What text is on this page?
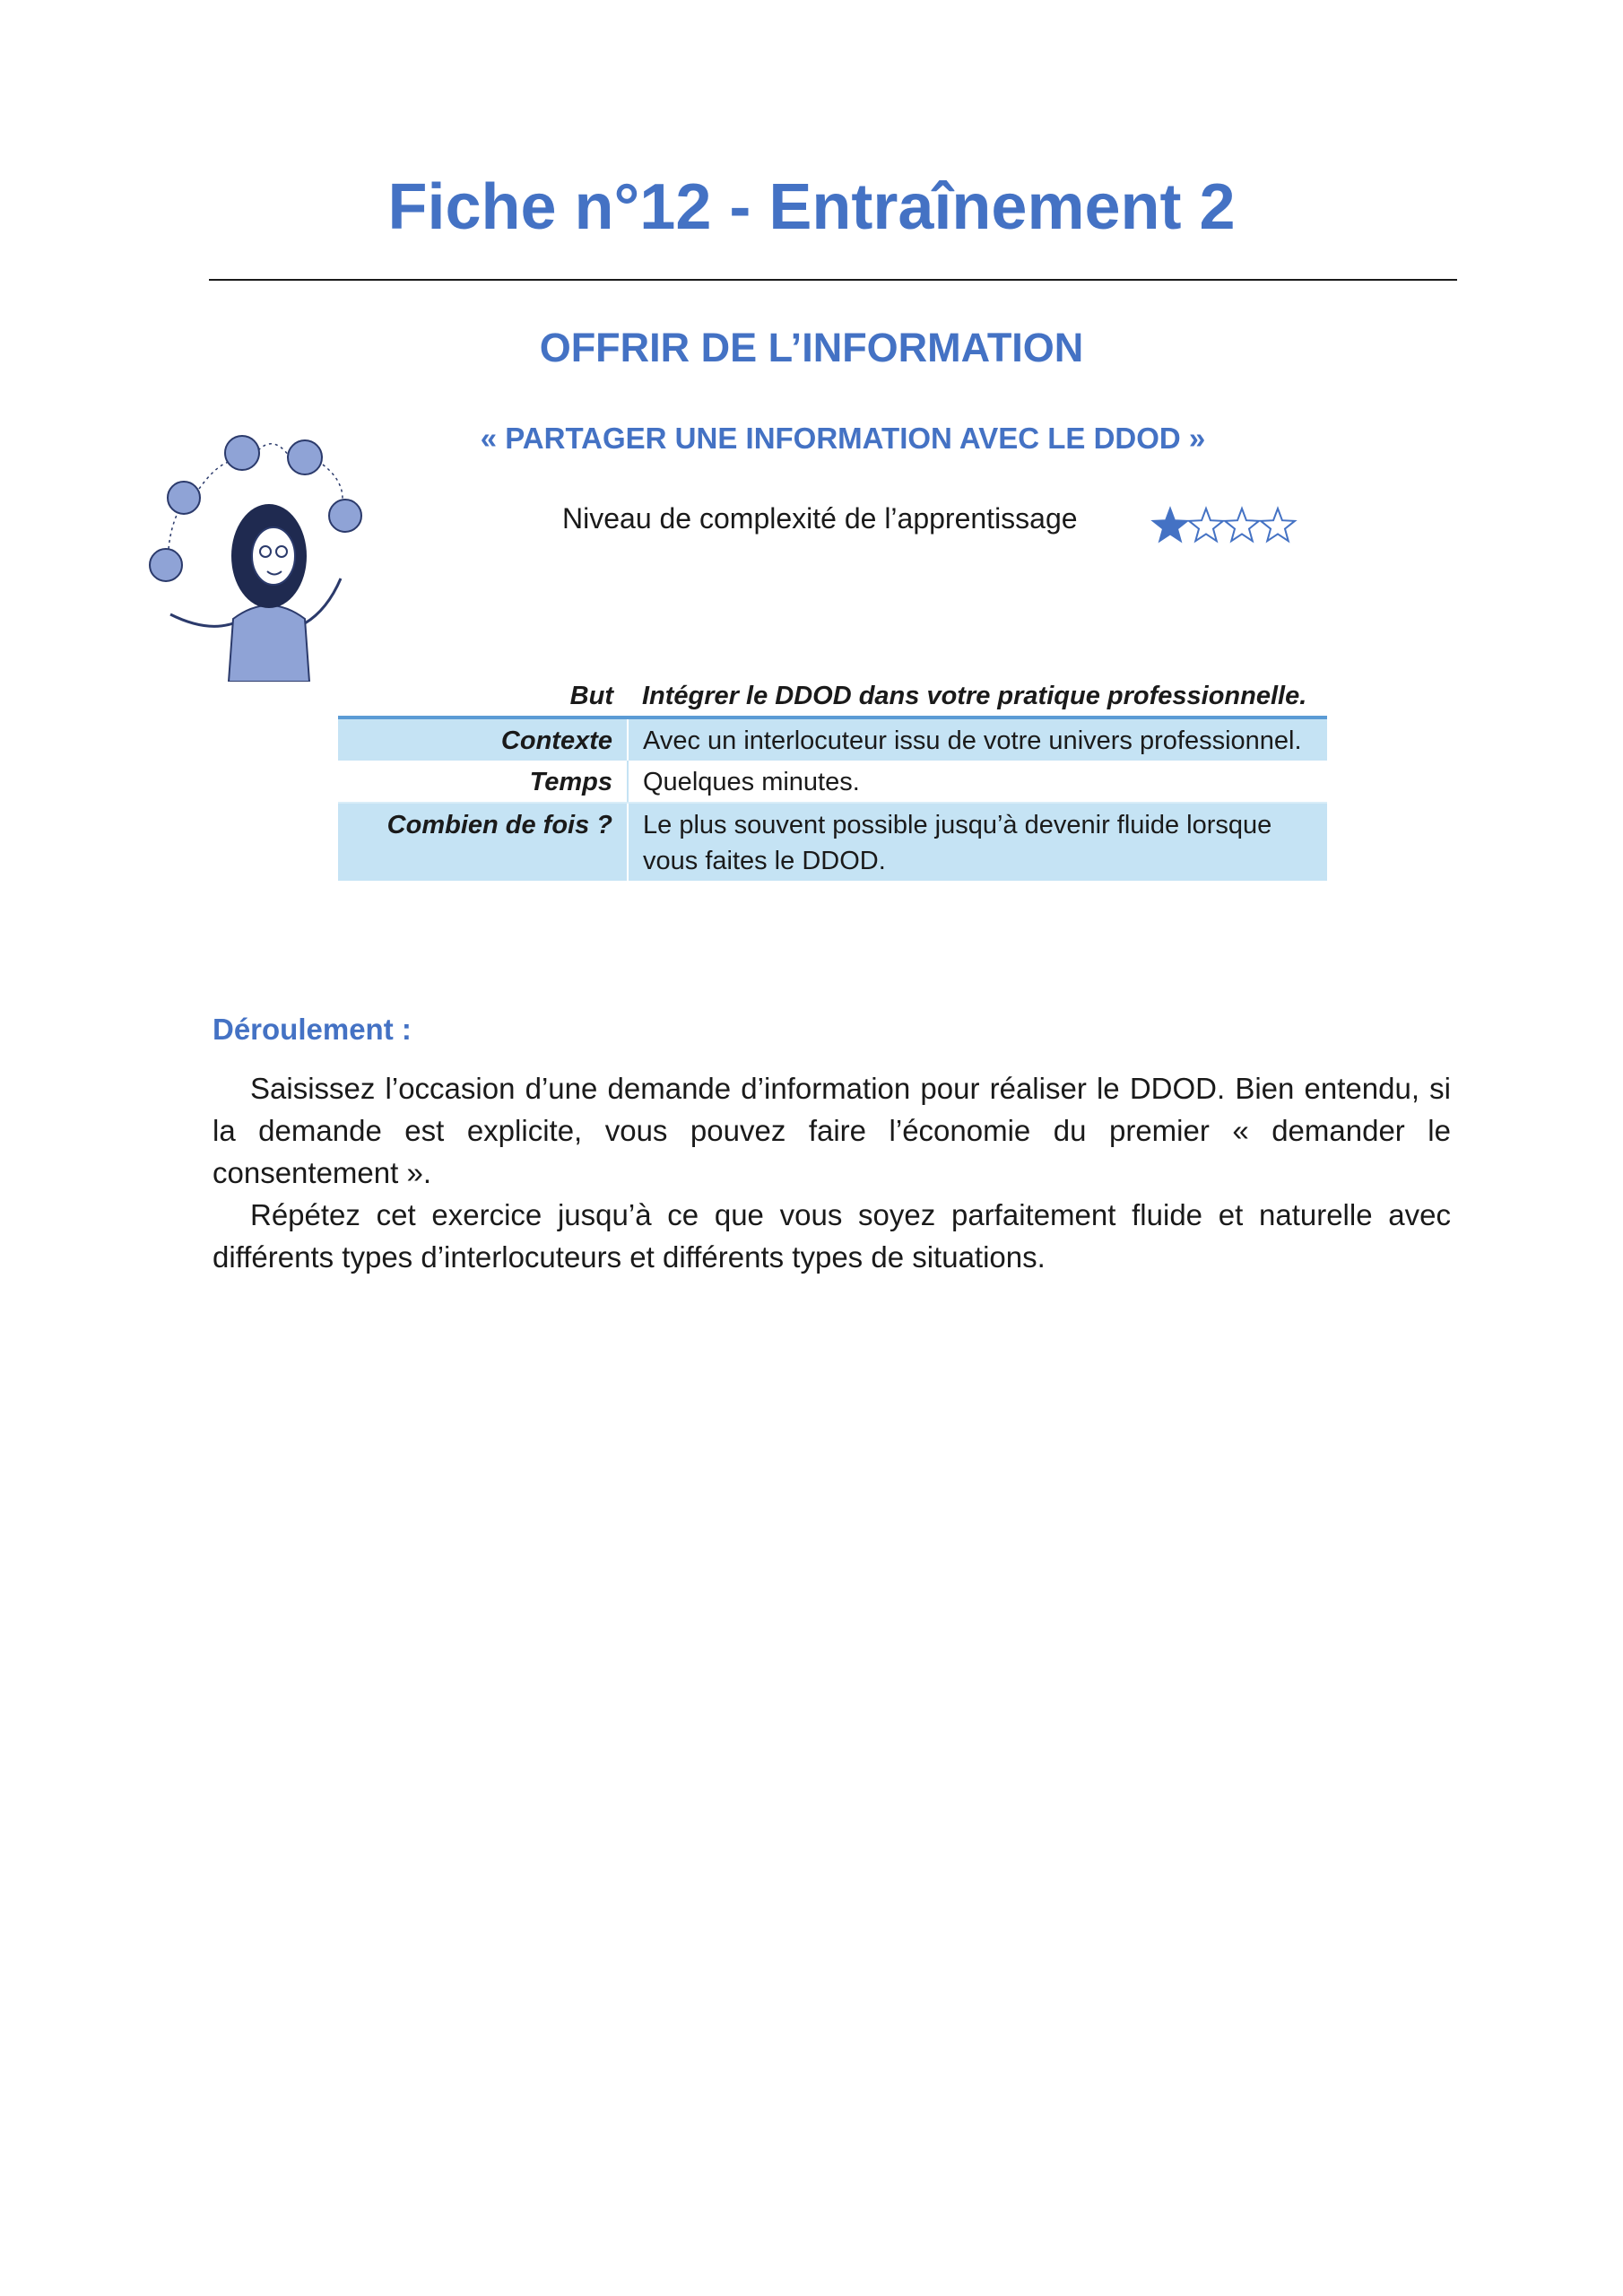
Fiche n°12 - Entraînement 2
OFFRIR DE L’INFORMATION
« PARTAGER UNE INFORMATION AVEC LE DDOD »
Niveau de complexité de l’apprentissage
But	Intégrer le DDOD dans votre pratique professionnelle.
Contexte	Avec un interlocuteur issu de votre univers professionnel.
Temps	Quelques minutes.
Combien de fois ?	Le plus souvent possible jusqu’à devenir fluide lorsque vous faites le DDOD.
Déroulement :

Saisissez l’occasion d’une demande d’information pour réaliser le DDOD. Bien entendu, si la demande est explicite, vous pouvez faire l’économie du premier « demander le consentement ».

Répétez cet exercice jusqu’à ce que vous soyez parfaitement fluide et naturelle avec différents types d’interlocuteurs et différents types de situations.
